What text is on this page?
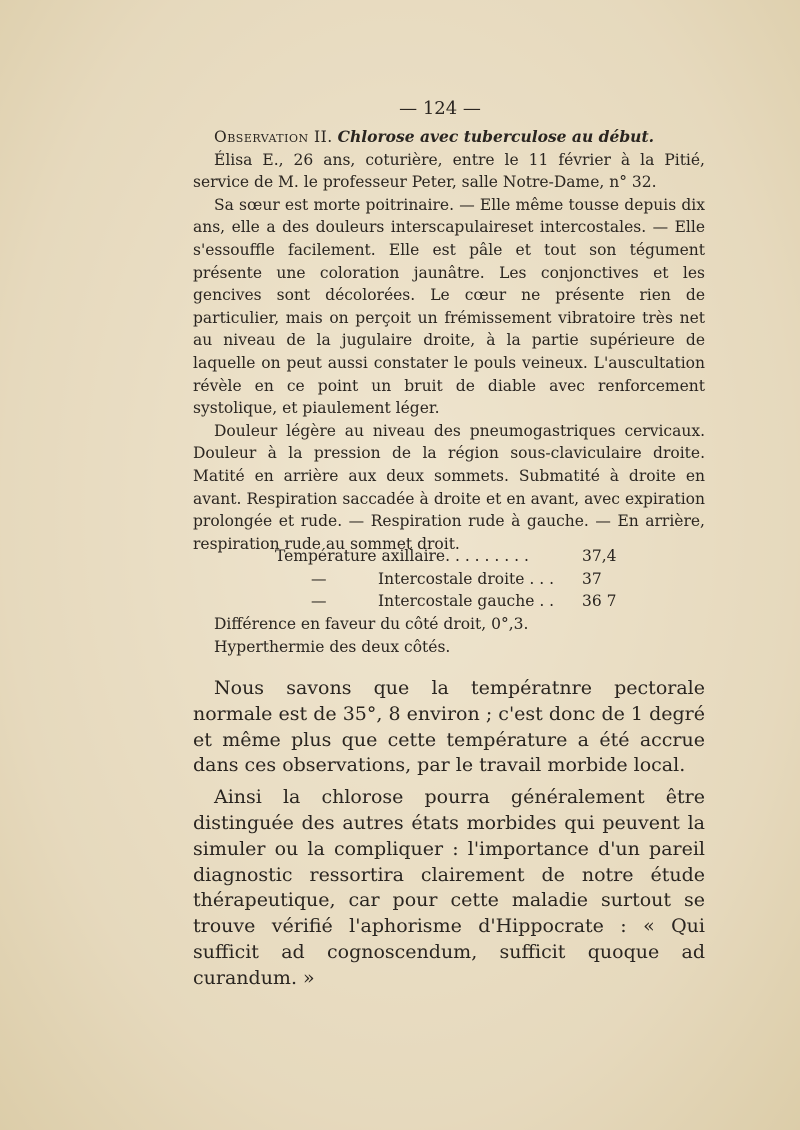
— 124 —

Observation II. Chlorose avec tuberculose au début.

Élisa E., 26 ans, coturière, entre le 11 février à la Pitié, service de M. le professeur Peter, salle Notre-Dame, n° 32.

Sa sœur est morte poitrinaire. — Elle même tousse depuis dix ans, elle a des douleurs interscapulaireset intercostales. — Elle s'essouffle facilement. Elle est pâle et tout son tégument présente une coloration jaunâtre. Les conjonctives et les gencives sont décolorées. Le cœur ne présente rien de particulier, mais on perçoit un frémissement vibratoire très net au niveau de la jugulaire droite, à la partie supérieure de laquelle on peut aussi constater le pouls veineux. L'auscultation révèle en ce point un bruit de diable avec renforcement systolique, et piaulement léger.

Douleur légère au niveau des pneumogastriques cervicaux. Douleur à la pression de la région sous-claviculaire droite. Matité en arrière aux deux sommets. Submatité à droite en avant. Respiration saccadée à droite et en avant, avec expiration prolongée et rude. — Respiration rude à gauche. — En arrière, respiration rude au sommet droit.

Température axillaire. . . . . . . . .	37,4
—	Intercostale droite . . . 37
—	Intercostale gauche . . 36 7

Différence en faveur du côté droit, 0°,3.

Hyperthermie des deux côtés.

Nous savons que la températnre pectorale normale est de 35°, 8 environ ; c'est donc de 1 degré et même plus que cette température a été accrue dans ces observations, par le travail morbide local.

Ainsi la chlorose pourra généralement être distinguée des autres états morbides qui peuvent la simuler ou la compliquer : l'importance d'un pareil diagnostic ressortira clairement de notre étude thérapeutique, car pour cette maladie surtout se trouve vérifié l'aphorisme d'Hippocrate : « Qui sufficit ad cognoscendum, sufficit quoque ad curandum. »
